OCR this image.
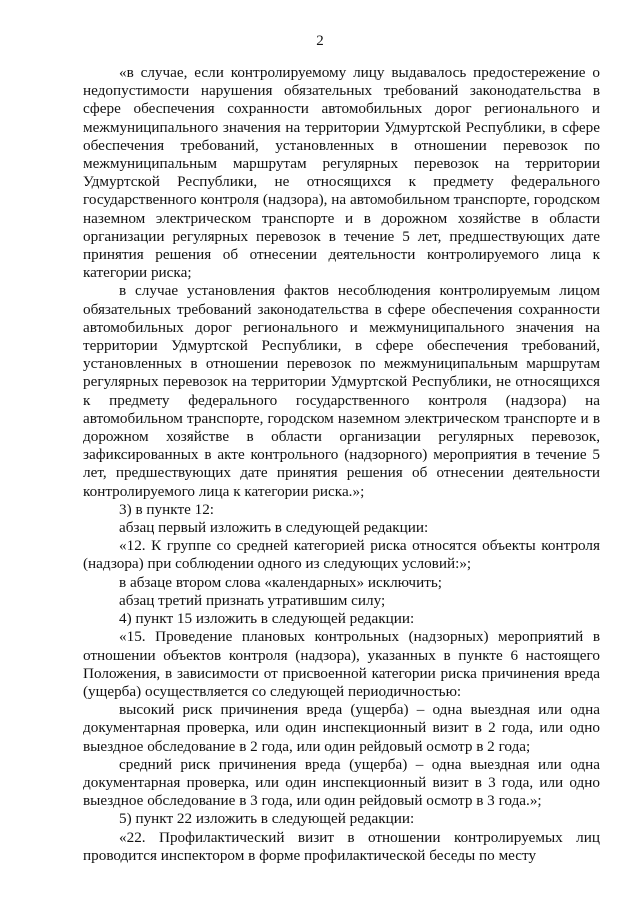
2

«в случае, если контролируемому лицу выдавалось предостережение о недопустимости нарушения обязательных требований законодательства в сфере обеспечения сохранности автомобильных дорог регионального и межмуниципального значения на территории Удмуртской Республики, в сфере обеспечения требований, установленных в отношении перевозок по межмуниципальным маршрутам регулярных перевозок на территории Удмуртской Республики, не относящихся к предмету федерального государственного контроля (надзора), на автомобильном транспорте, городском наземном электрическом транспорте и в дорожном хозяйстве в области организации регулярных перевозок в течение 5 лет, предшествующих дате принятия решения об отнесении деятельности контролируемого лица к категории риска;

в случае установления фактов несоблюдения контролируемым лицом обязательных требований законодательства в сфере обеспечения сохранности автомобильных дорог регионального и межмуниципального значения на территории Удмуртской Республики, в сфере обеспечения требований, установленных в отношении перевозок по межмуниципальным маршрутам регулярных перевозок на территории Удмуртской Республики, не относящихся к предмету федерального государственного контроля (надзора) на автомобильном транспорте, городском наземном электрическом транспорте и в дорожном хозяйстве в области организации регулярных перевозок, зафиксированных в акте контрольного (надзорного) мероприятия в течение 5 лет, предшествующих дате принятия решения об отнесении деятельности контролируемого лица к категории риска.»;

3) в пункте 12:

абзац первый изложить в следующей редакции:

«12. К группе со средней категорией риска относятся объекты контроля (надзора) при соблюдении одного из следующих условий:»;

в абзаце втором слова «календарных» исключить;

абзац третий признать утратившим силу;

4) пункт 15 изложить в следующей редакции:

«15. Проведение плановых контрольных (надзорных) мероприятий в отношении объектов контроля (надзора), указанных в пункте 6 настоящего Положения, в зависимости от присвоенной категории риска причинения вреда (ущерба) осуществляется со следующей периодичностью:

высокий риск причинения вреда (ущерба) – одна выездная или одна документарная проверка, или один инспекционный визит в 2 года, или одно выездное обследование в 2 года, или один рейдовый осмотр в 2 года;

средний риск причинения вреда (ущерба) – одна выездная или одна документарная проверка, или один инспекционный визит в 3 года, или одно выездное обследование в 3 года, или один рейдовый осмотр в 3 года.»;

5) пункт 22 изложить в следующей редакции:

«22. Профилактический визит в отношении контролируемых лиц проводится инспектором в форме профилактической беседы по месту
